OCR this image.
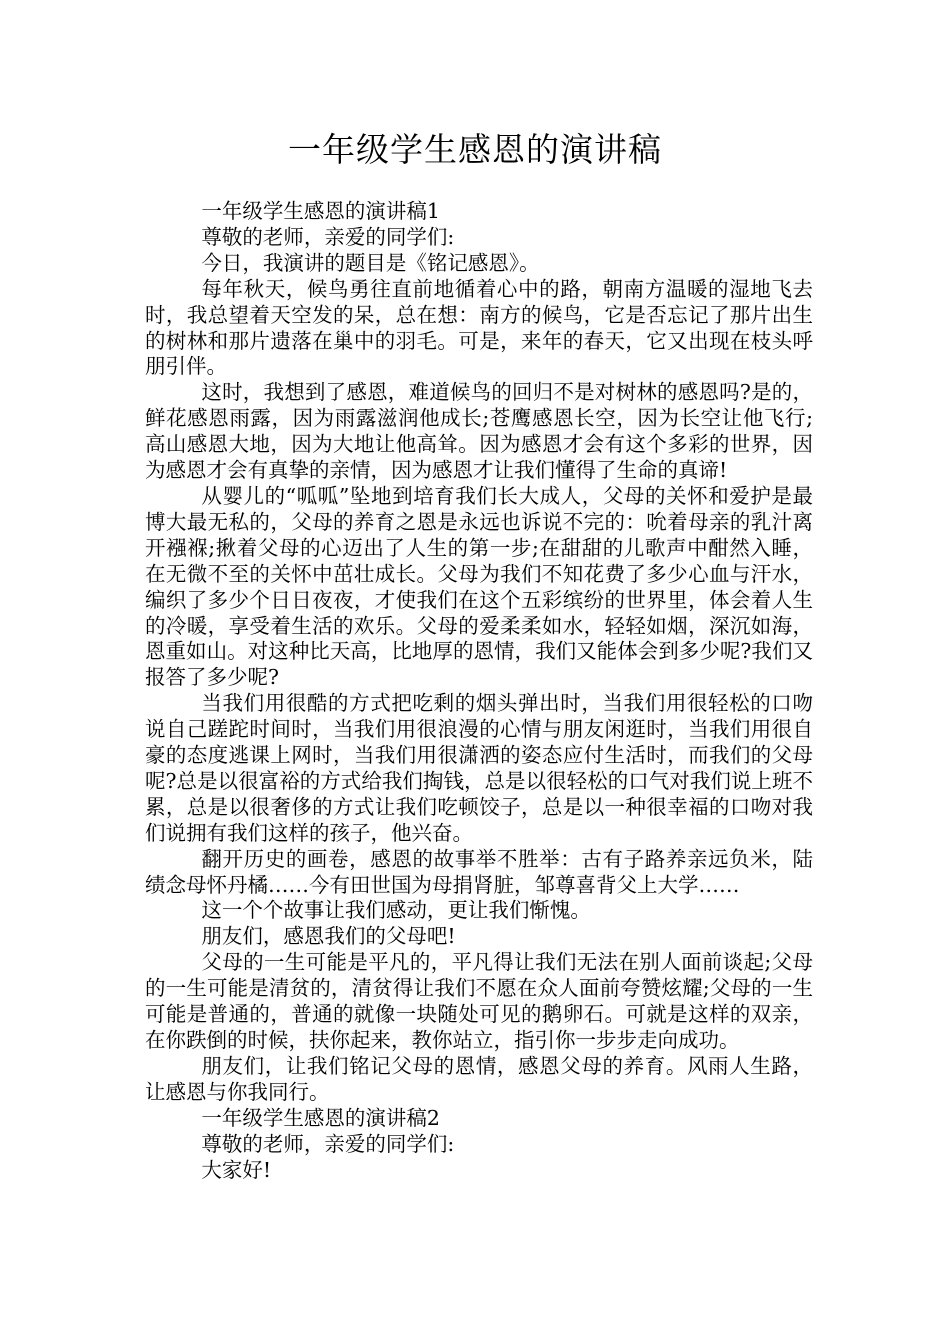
一年级学生感恩的演讲稿

一年级学生感恩的演讲稿1

尊敬的老师，亲爱的同学们:

今日，我演讲的题目是《铭记感恩》。

每年秋天，候鸟勇往直前地循着心中的路，朝南方温暖的湿地飞去时，我总望着天空发的呆，总在想：南方的候鸟，它是否忘记了那片出生的树林和那片遗落在巢中的羽毛。可是，来年的春天，它又出现在枝头呼朋引伴。

这时，我想到了感恩，难道候鸟的回归不是对树林的感恩吗?是的，鲜花感恩雨露，因为雨露滋润他成长;苍鹰感恩长空，因为长空让他飞行;高山感恩大地，因为大地让他高耸。因为感恩才会有这个多彩的世界，因为感恩才会有真挚的亲情，因为感恩才让我们懂得了生命的真谛!

从婴儿的“呱呱”坠地到培育我们长大成人，父母的关怀和爱护是最博大最无私的，父母的养育之恩是永远也诉说不完的：吮着母亲的乳汁离开襁褓;揪着父母的心迈出了人生的第一步;在甜甜的儿歌声中酣然入睡，在无微不至的关怀中茁壮成长。父母为我们不知花费了多少心血与汗水，编织了多少个日日夜夜，才使我们在这个五彩缤纷的世界里，体会着人生的冷暖，享受着生活的欢乐。父母的爱柔柔如水，轻轻如烟，深沉如海，恩重如山。对这种比天高，比地厚的恩情，我们又能体会到多少呢?我们又报答了多少呢?

当我们用很酷的方式把吃剩的烟头弹出时，当我们用很轻松的口吻说自己蹉跎时间时，当我们用很浪漫的心情与朋友闲逛时，当我们用很自豪的态度逃课上网时，当我们用很潇洒的姿态应付生活时，而我们的父母呢?总是以很富裕的方式给我们掏钱，总是以很轻松的口气对我们说上班不累，总是以很奢侈的方式让我们吃顿饺子，总是以一种很幸福的口吻对我们说拥有我们这样的孩子，他兴奋。

翻开历史的画卷，感恩的故事举不胜举：古有子路养亲远负米，陆绩念母怀丹橘……今有田世国为母捐肾脏，邹尊喜背父上大学……

这一个个故事让我们感动，更让我们惭愧。

朋友们，感恩我们的父母吧!

父母的一生可能是平凡的，平凡得让我们无法在别人面前谈起;父母的一生可能是清贫的，清贫得让我们不愿在众人面前夸赞炫耀;父母的一生可能是普通的，普通的就像一块随处可见的鹅卵石。可就是这样的双亲，在你跌倒的时候，扶你起来，教你站立，指引你一步步走向成功。

朋友们，让我们铭记父母的恩情，感恩父母的养育。风雨人生路，让感恩与你我同行。

一年级学生感恩的演讲稿2

尊敬的老师，亲爱的同学们:

大家好!
